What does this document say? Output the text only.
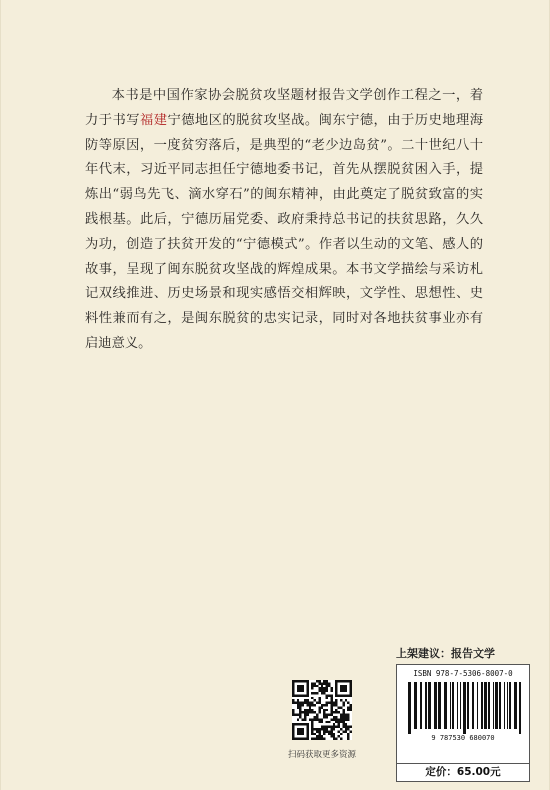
本书是中国作家协会脱贫攻坚题材报告文学创作工程之一，着力于书写福建宁德地区的脱贫攻坚战。闽东宁德，由于历史地理海防等原因，一度贫穷落后，是典型的“老少边岛贫”。二十世纪八十年代末，习近平同志担任宁德地委书记，首先从摆脱贫困入手，提炼出“弱鸟先飞、滴水穿石”的闽东精神，由此奠定了脱贫致富的实践根基。此后，宁德历届党委、政府秉持总书记的扶贫思路，久久为功，创造了扶贫开发的“宁德模式”。作者以生动的文笔、感人的故事，呈现了闽东脱贫攻坚战的辉煌成果。本书文学描绘与采访札记双线推进、历史场景和现实感悟交相辉映，文学性、思想性、史料性兼而有之，是闽东脱贫的忠实记录，同时对各地扶贫事业亦有启迪意义。

扫码获取更多资源
上架建议：报告文学
ISBN 978-7-5306-8007-0
9 787530 680070
定价：65.00元
